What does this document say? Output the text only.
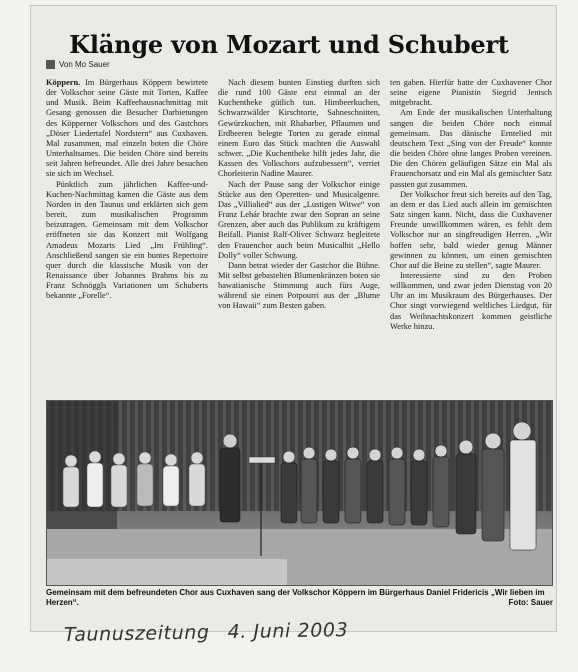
Klänge von Mozart und Schubert
Von Mo Sauer

Köppern. Im Bürgerhaus Köppern bewirtete der Volkschor seine Gäste mit Torten, Kaffee und Musik. Beim Kaffeehausnachmittag mit Gesang genossen die Besucher Darbietungen des Köpperner Volkschors und des Gastchors „Döser Liedertafel Nordstern“ aus Cuxhaven. Mal zusammen, mal einzeln boten die Chöre Unterhaltsames. Die beiden Chöre sind bereits seit Jahren befreundet. Alle drei Jahre besuchen sie sich im Wechsel.

Pünktlich zum jährlichen Kaffee-und-Kuchen-Nachmittag kamen die Gäste aus dem Norden in den Taunus und erklärten sich gern bereit, zum musikalischen Programm beizutragen. Gemeinsam mit dem Volkschor eröffneten sie das Konzert mit Wolfgang Amadeus Mozarts Lied „Im Frühling“. Anschließend sangen sie ein buntes Repertoire quer durch die klassische Musik von der Renaissance über Johannes Brahms bis zu Franz Schnöggls Variationen um Schuberts bekannte „Forelle“.

Nach diesem bunten Einstieg durften sich die rund 100 Gäste erst einmal an der Kuchentheke gütlich tun. Himbeerkuchen, Schwarzwälder Kirschtorte, Sahneschnitten, Gewürzkuchen, mit Rhabarber, Pflaumen und Erdbeeren belegte Torten zu gerade einmal einem Euro das Stück machten die Auswahl schwer. „Die Kuchentheke hilft jedes Jahr, die Kassen des Volkschors aufzubessern“, verriet Chorleiterin Nadine Maurer.

Nach der Pause sang der Volkschor einige Stücke aus den Operetten- und Musicalgenre. Das „Villialied“ aus der „Lustigen Witwe“ von Franz Lehár brachte zwar den Sopran an seine Grenzen, aber auch das Publikum zu kräftigem Beifall. Pianist Ralf-Oliver Schwarz begleitete den Frauenchor auch beim Musicalhit „Hello Dolly“ voller Schwung.

Dann betrat wieder der Gastchor die Bühne. Mit selbst gebastelten Blumenkränzen boten sie hawaiianische Stimmung auch fürs Auge, während sie einen Potpourri aus der „Blume von Hawaii“ zum Besten gaben.

ten gaben. Hierfür hatte der Cuxhavener Chor seine eigene Pianistin Siegrid Jentsch mitgebracht.

Am Ende der musikalischen Unterhaltung sangen die beiden Chöre noch einmal gemeinsam. Das dänische Erntelied mit deutschem Text „Sing von der Freude“ konnte die beiden Chöre ohne langes Proben vereinen. Die den Chören geläufigen Sätze ein Mal als Frauenchorsatz und ein Mal als gemischter Satz passten gut zusammen.

Der Volkschor freut sich bereits auf den Tag, an dem er das Lied auch allein im gemischten Satz singen kann. Nicht, dass die Cuxhavener Freunde unwillkommen wären, es fehlt dem Volkschor nur an singfreudigen Herren. „Wir hoffen sehr, bald wieder genug Männer gewinnen zu können, um einen gemischten Chor auf die Beine zu stellen“, sagte Maurer.

Interessierte sind zu den Proben willkommen, und zwar jeden Dienstag von 20 Uhr an im Musikraum des Bürgerhauses. Der Chor singt vorwiegend weltliches Liedgut, für das Weihnachtskonzert kommen geistliche Werke hinzu.

Gemeinsam mit dem befreundeten Chor aus Cuxhaven sang der Volkschor Köppern im Bürgerhaus Daniel Fridericis „Wir lieben im Herzen“.	Foto: Sauer
Taunuszeitung 4. Juni 2003
